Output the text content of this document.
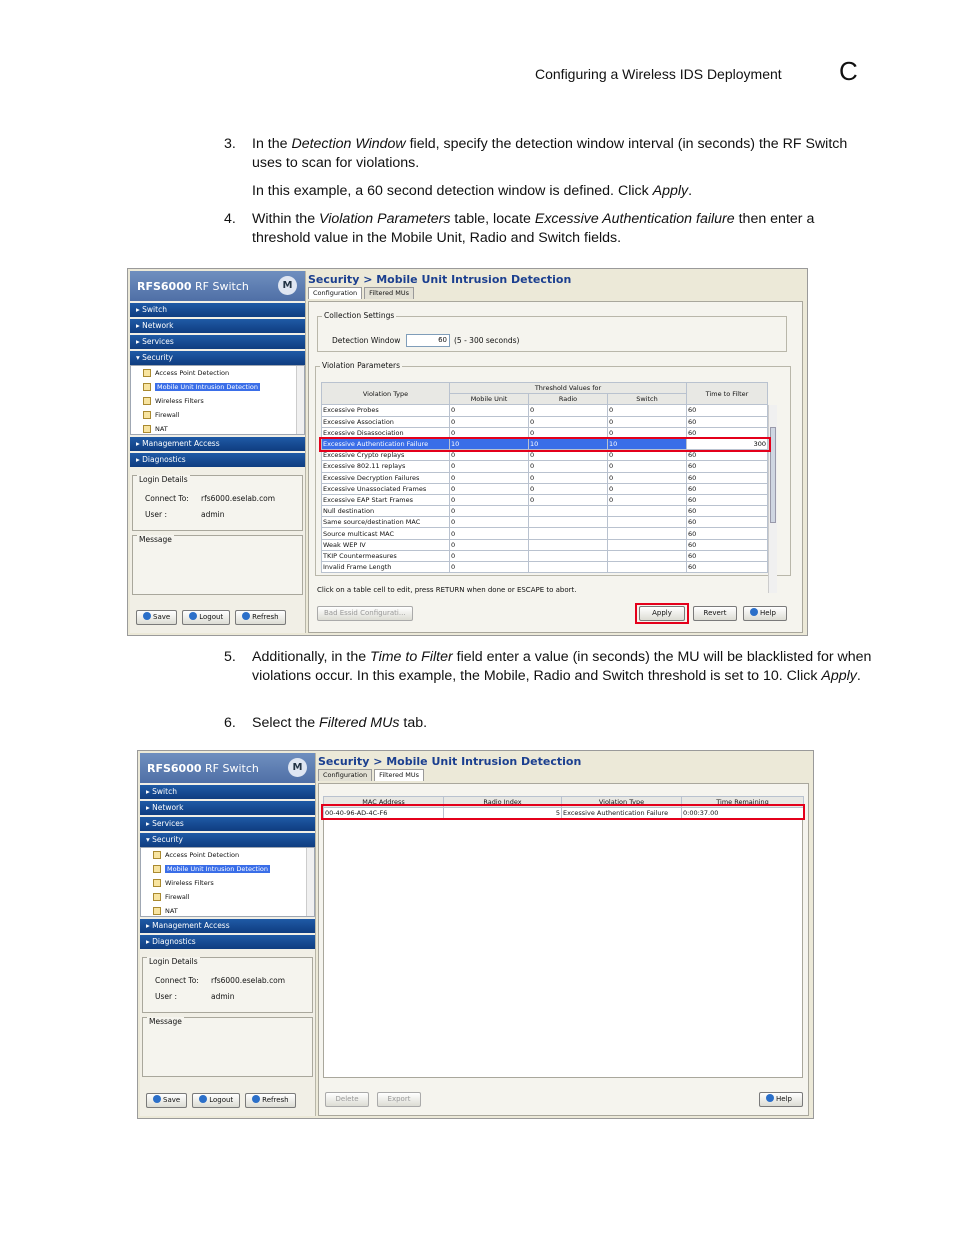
Configuring a Wireless IDS Deployment C
3. In the Detection Window field, specify the detection window interval (in seconds) the RF Switch uses to scan for violations.

In this example, a 60 second detection window is defined. Click Apply.

4. Within the Violation Parameters table, locate Excessive Authentication failure then enter a threshold value in the Mobile Unit, Radio and Switch fields.

RFS6000 RF Switch	M
▸ Switch
▸ Network
▸ Services
▾ Security
Access Point Detection
Mobile Unit Intrusion Detection
Wireless Filters
Firewall
NAT
▸ Management Access
▸ Diagnostics
Login Details
Connect To: rfs6000.eselab.com
User :	admin
Message
Save	Logout	Refresh
Security > Mobile Unit Intrusion Detection
Configuration	Filtered MUs
Collection Settings
Detection Window	60 (5 - 300 seconds)
Violation Parameters
Violation Type	Threshold Values for			Time to Filter
	Mobile Unit	Radio	Switch	
Excessive Probes	0	0	0	60
Excessive Association	0	0	0	60
Excessive Disassociation	0	0	0	60
Excessive Authentication Failure	10	10	10	300
Excessive Crypto replays	0	0	0	60
Excessive 802.11 replays	0	0	0	60
Excessive Decryption Failures	0	0	0	60
Excessive Unassociated Frames	0	0	0	60
Excessive EAP Start Frames	0	0	0	60
Null destination	0			60
Same source/destination MAC	0			60
Source multicast MAC	0			60
Weak WEP IV	0			60
TKIP Countermeasures	0			60
Invalid Frame Length	0			60
Click on a table cell to edit, press RETURN when done or ESCAPE to abort.
Bad Essid Configurati...	Apply	Revert	Help
5. Additionally, in the Time to Filter field enter a value (in seconds) the MU will be blacklisted for when violations occur. In this example, the Mobile, Radio and Switch threshold is set to 10. Click Apply.

6. Select the Filtered MUs tab.

RFS6000 RF Switch	M
▸ Switch
▸ Network
▸ Services
▾ Security
Access Point Detection
Mobile Unit Intrusion Detection
Wireless Filters
Firewall
NAT
▸ Management Access
▸ Diagnostics
Login Details
Connect To: rfs6000.eselab.com
User :	admin
Message
Save	Logout	Refresh
Security > Mobile Unit Intrusion Detection
Configuration	Filtered MUs
MAC Address	Radio Index	Violation Type	Time Remaining
00-40-96-AD-4C-F6	5	Excessive Authentication Failure	0:00:37.00
Delete	Export	Help
